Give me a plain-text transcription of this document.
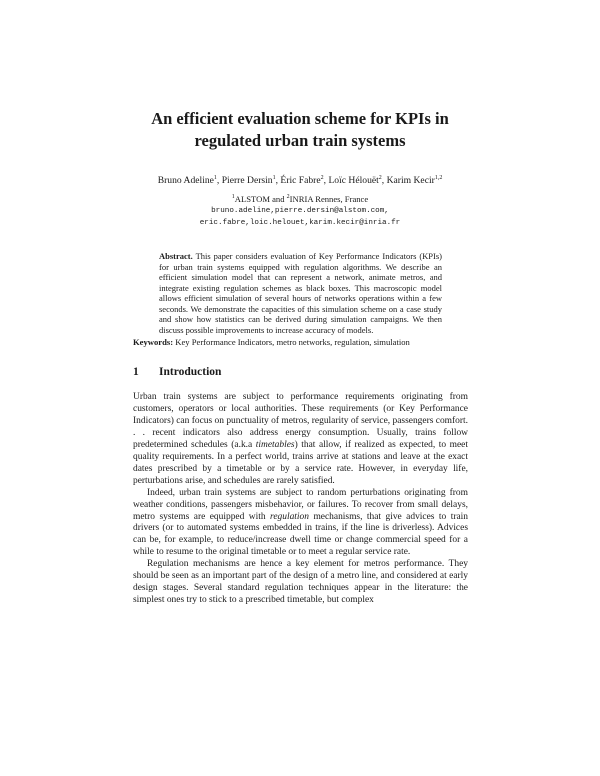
An efficient evaluation scheme for KPIs in
regulated urban train systems
Bruno Adeline$^1$, Pierre Dersin$^1$, Éric Fabre$^2$, Loïc Hélouët$^2$, Karim Kecir$^{1,2}$
$^1$ALSTOM and $^2$INRIA Rennes, France
bruno.adeline,pierre.dersin@alstom.com,
eric.fabre,loic.helouet,karim.kecir@inria.fr
Abstract. This paper considers evaluation of Key Performance Indicators (KPIs) for urban train systems equipped with regulation algorithms. We describe an efficient simulation model that can represent a network, animate metros, and integrate existing regulation schemes as black boxes. This macroscopic model allows efficient simulation of several hours of networks operations within a few seconds. We demonstrate the capacities of this simulation scheme on a case study and show how statistics can be derived during simulation campaigns. We then discuss possible improvements to increase accuracy of models.
Keywords: Key Performance Indicators, metro networks, regulation, simulation
1 Introduction

Urban train systems are subject to performance requirements originating from customers, operators or local authorities. These requirements (or Key Performance Indicators) can focus on punctuality of metros, regularity of service, passengers comfort. . . recent indicators also address energy consumption. Usually, trains follow predetermined schedules (a.k.a timetables) that allow, if realized as expected, to meet quality requirements. In a perfect world, trains arrive at stations and leave at the exact dates prescribed by a timetable or by a service rate. However, in everyday life, perturbations arise, and schedules are rarely satisfied.

Indeed, urban train systems are subject to random perturbations originating from weather conditions, passengers misbehavior, or failures. To recover from small delays, metro systems are equipped with regulation mechanisms, that give advices to train drivers (or to automated systems embedded in trains, if the line is driverless). Advices can be, for example, to reduce/increase dwell time or change commercial speed for a while to resume to the original timetable or to meet a regular service rate.

Regulation mechanisms are hence a key element for metros performance. They should be seen as an important part of the design of a metro line, and considered at early design stages. Several standard regulation techniques appear in the literature: the simplest ones try to stick to a prescribed timetable, but complex
